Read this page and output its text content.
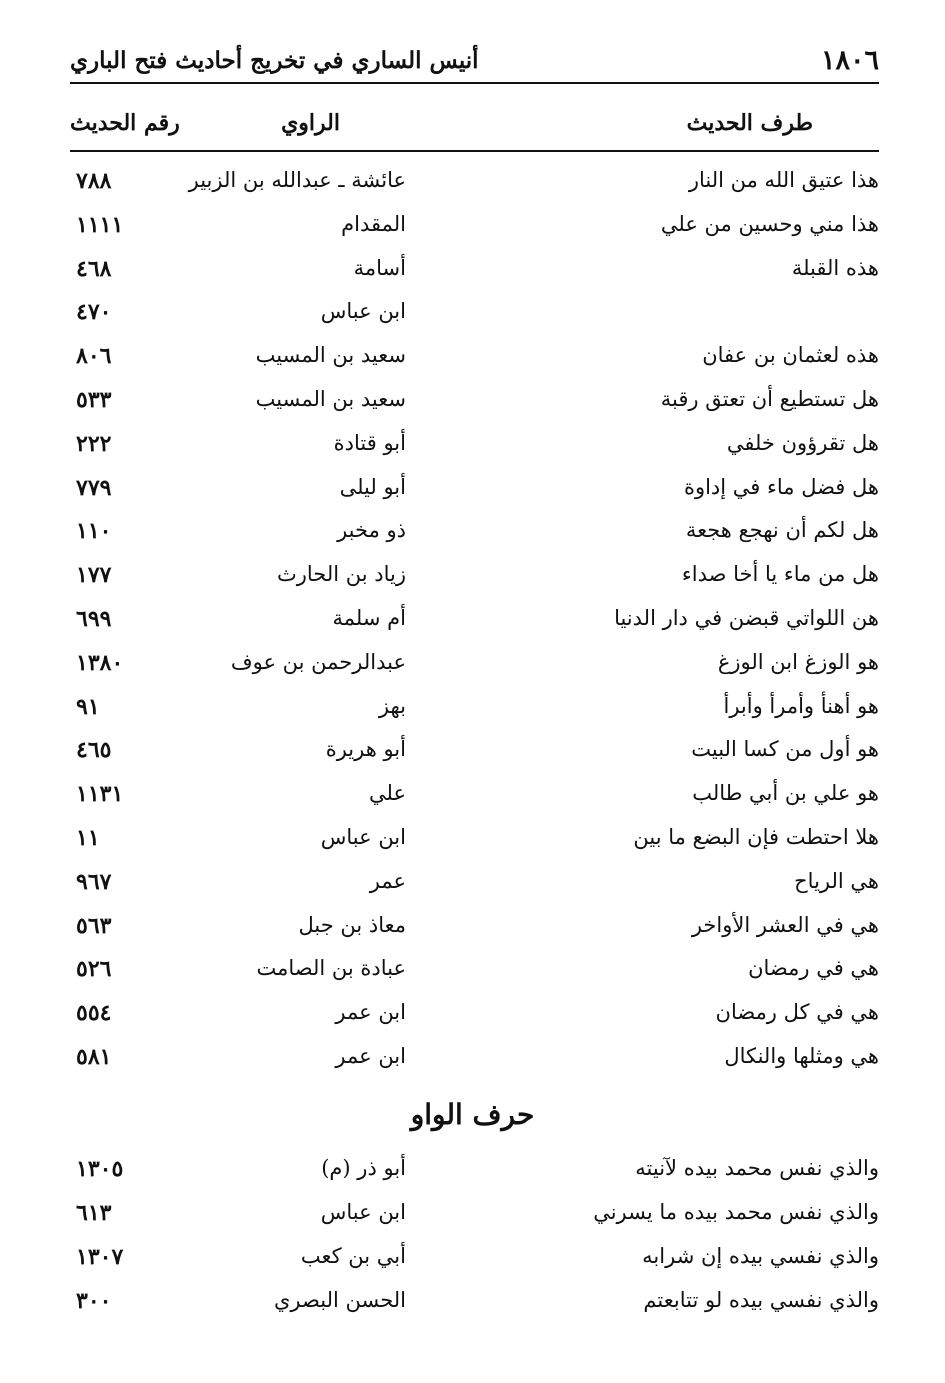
١٨٠٦
أنيس الساري في تخريج أحاديث فتح الباري
طرف الحديث
الراوي
رقم الحديث
هذا عتيق الله من النار
عائشة ـ عبدالله بن الزبير
٧٨٨
هذا مني وحسين من علي
المقدام
١١١١
هذه القبلة
أسامة
٤٦٨
ابن عباس
٤٧٠
هذه لعثمان بن عفان
سعيد بن المسيب
٨٠٦
هل تستطيع أن تعتق رقبة
سعيد بن المسيب
٥٣٣
هل تقرؤون خلفي
أبو قتادة
٢٢٢
هل فضل ماء في إداوة
أبو ليلى
٧٧٩
هل لكم أن نهجع هجعة
ذو مخبر
١١٠
هل من ماء يا أخا صداء
زياد بن الحارث
١٧٧
هن اللواتي قبضن في دار الدنيا
أم سلمة
٦٩٩
هو الوزغ ابن الوزغ
عبدالرحمن بن عوف
١٣٨٠
هو أهنأ وأمرأ وأبرأ
بهز
٩١
هو أول من كسا البيت
أبو هريرة
٤٦٥
هو علي بن أبي طالب
علي
١١٣١
هلا احتطت فإن البضع ما بين
ابن عباس
١١
هي الرياح
عمر
٩٦٧
هي في العشر الأواخر
معاذ بن جبل
٥٦٣
هي في رمضان
عبادة بن الصامت
٥٢٦
هي في كل رمضان
ابن عمر
٥٥٤
هي ومثلها والنكال
ابن عمر
٥٨١
والذي نفس محمد بيده لآنيته
أبو ذر (م)
١٣٠٥
والذي نفس محمد بيده ما يسرني
ابن عباس
٦١٣
والذي نفسي بيده إن شرابه
أبي بن كعب
١٣٠٧
والذي نفسي بيده لو تتابعتم
الحسن البصري
٣٠٠
حرف الواو
